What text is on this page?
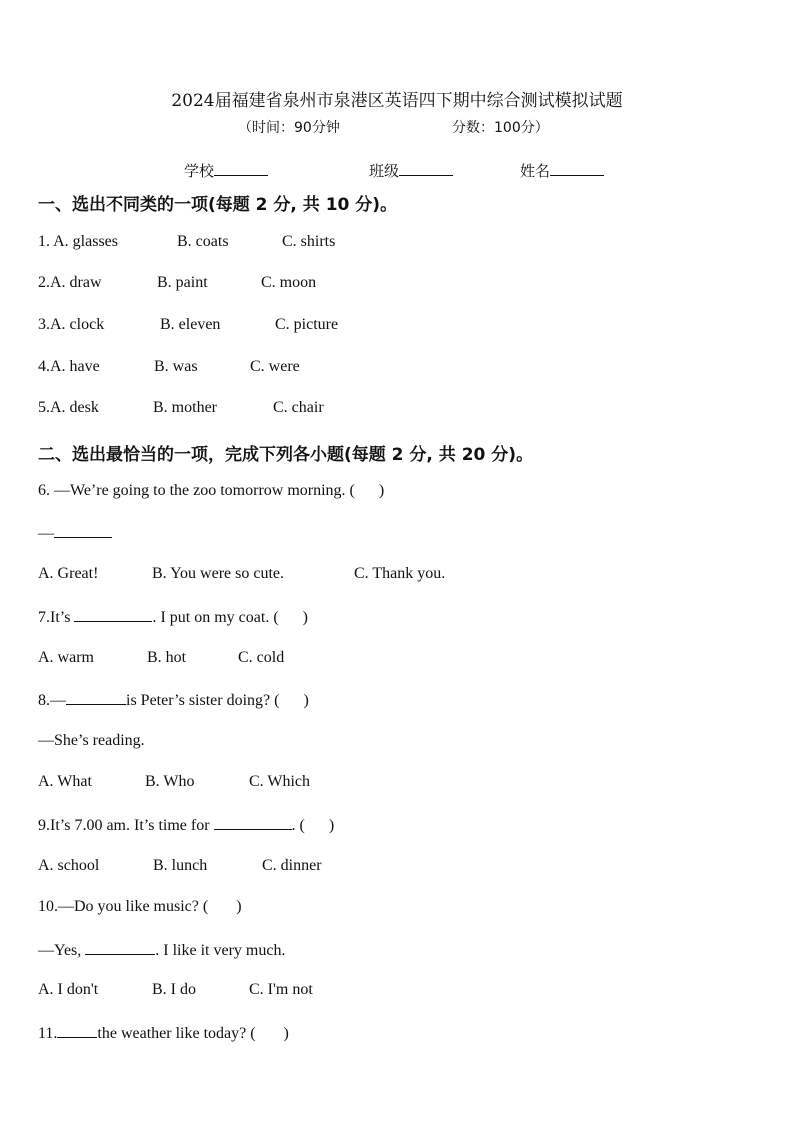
2024届福建省泉州市泉港区英语四下期中综合测试模拟试题
（时间：90分钟	分数：100分）
学校	班级	姓名
一、选出不同类的一项(每题 2 分, 共 10 分)。
1. A. glasses	B. coats	C. shirts
2.A. draw	B. paint	C. moon
3.A. clock	B. eleven	C. picture
4.A. have	B. was	C. were
5.A. desk	B. mother	C. chair
二、选出最恰当的一项，完成下列各小题(每题 2 分, 共 20 分)。
6. —We’re going to the zoo tomorrow morning. (      )
—
A. Great!	B. You were so cute.	C. Thank you.
7.It’s	. I put on my coat. (      )
A. warm	B. hot	C. cold
8.—	is Peter’s sister doing? (      )
—She’s reading.
A. What	B. Who	C. Which
9.It’s 7.00 am. It’s time for	. (      )
A. school	B. lunch	C. dinner
10.—Do you like music? (       )
—Yes,	. I like it very much.
A. I don't	B. I do	C. I'm not
11.	the weather like today? (       )
